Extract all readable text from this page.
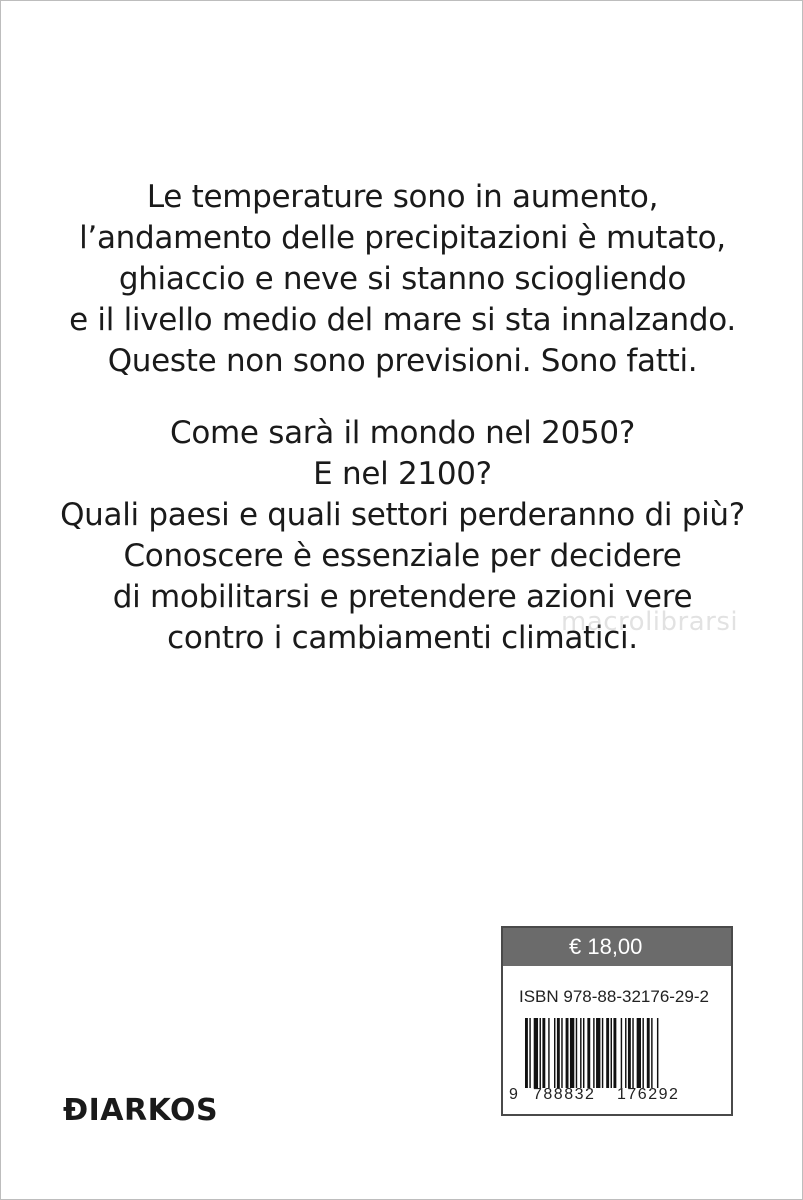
Le temperature sono in aumento,
l’andamento delle precipitazioni è mutato,
ghiaccio e neve si stanno sciogliendo
e il livello medio del mare si sta innalzando.
Queste non sono previsioni. Sono fatti.
Come sarà il mondo nel 2050?
E nel 2100?
Quali paesi e quali settori perderanno di più?
Conoscere è essenziale per decidere
di mobilitarsi e pretendere azioni vere
contro i cambiamenti climatici.
macrolibrarsi
€ 18,00
ISBN 978-88-32176-29-2
9 788832 176292
ÐIARKOS
